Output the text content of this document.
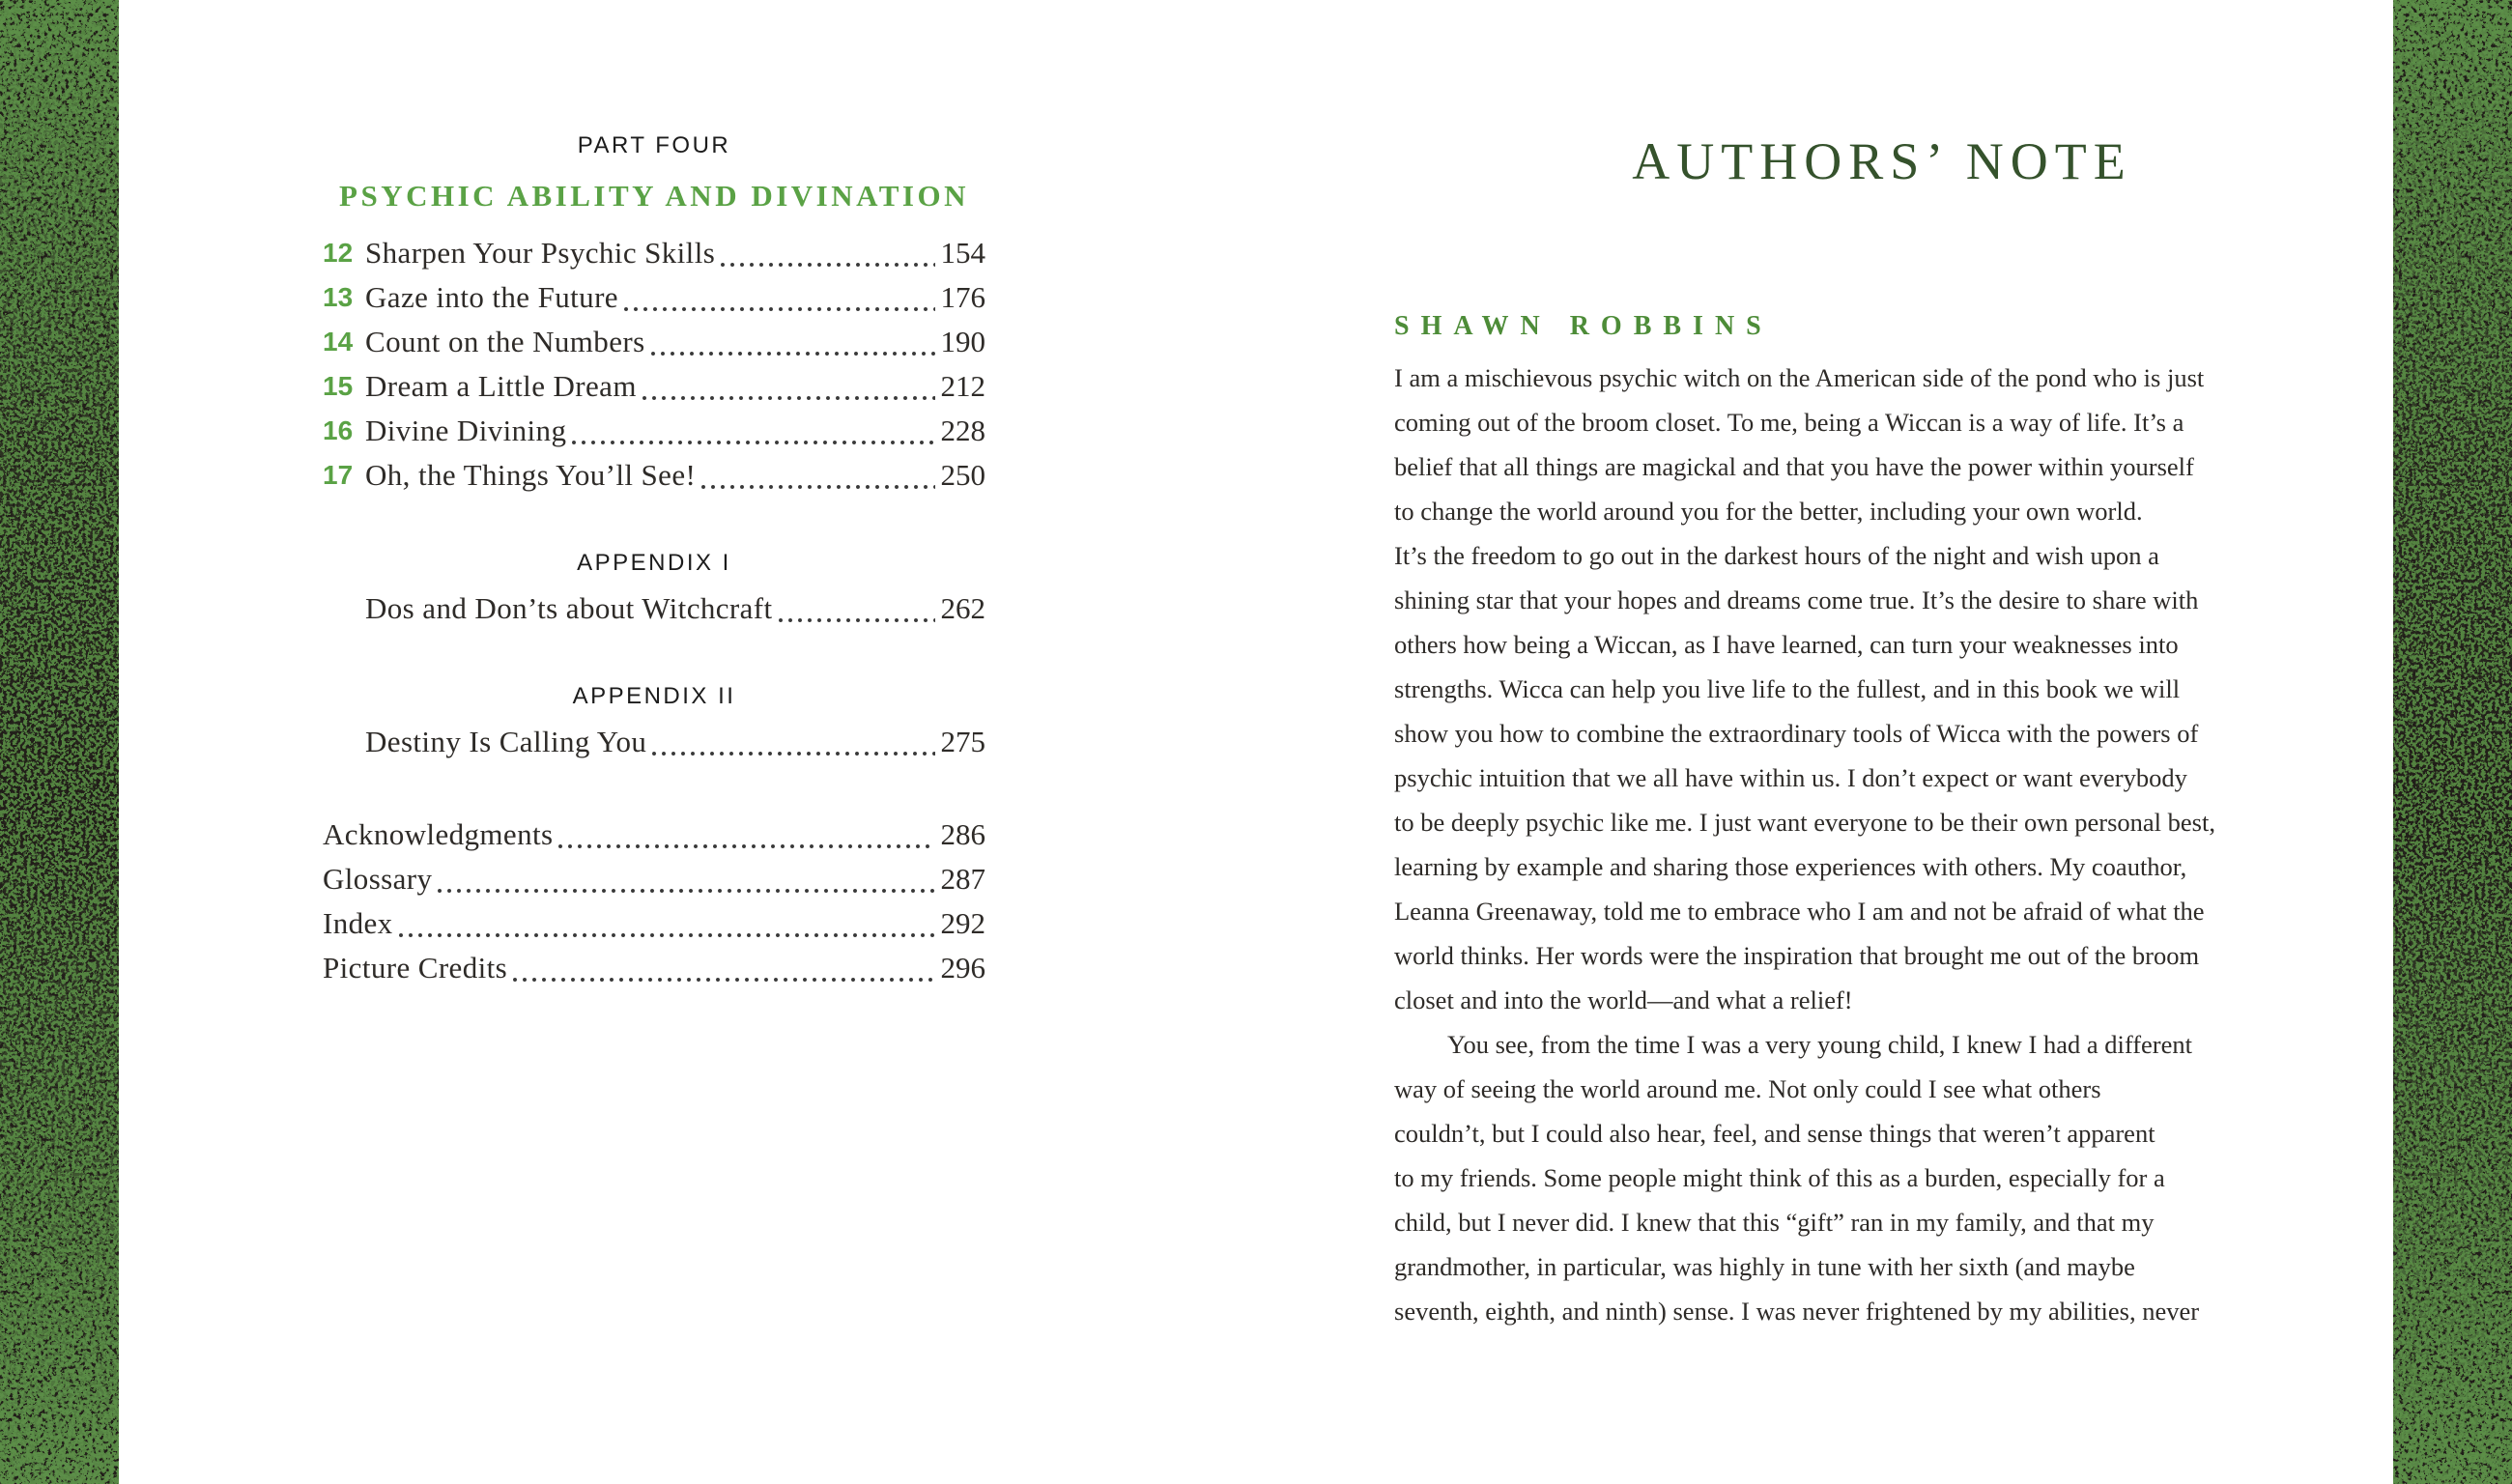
PART FOUR
PSYCHIC ABILITY AND DIVINATION
12 Sharpen Your Psychic Skills	154
13 Gaze into the Future	176
14 Count on the Numbers	190
15 Dream a Little Dream	212
16 Divine Divining	228
17 Oh, the Things You’ll See!	250
APPENDIX I
Dos and Don’ts about Witchcraft	262
APPENDIX II
Destiny Is Calling You	275
Acknowledgments	286
Glossary	287
Index	292
Picture Credits	296
AUTHORS’ NOTE
SHAWN ROBBINS
I am a mischievous psychic witch on the American side of the pond who is just
coming out of the broom closet. To me, being a Wiccan is a way of life. It’s a
belief that all things are magickal and that you have the power within yourself
to change the world around you for the better, including your own world.
It’s the freedom to go out in the darkest hours of the night and wish upon a
shining star that your hopes and dreams come true. It’s the desire to share with
others how being a Wiccan, as I have learned, can turn your weaknesses into
strengths. Wicca can help you live life to the fullest, and in this book we will
show you how to combine the extraordinary tools of Wicca with the powers of
psychic intuition that we all have within us. I don’t expect or want everybody
to be deeply psychic like me. I just want everyone to be their own personal best,
learning by example and sharing those experiences with others. My coauthor,
Leanna Greenaway, told me to embrace who I am and not be afraid of what the
world thinks. Her words were the inspiration that brought me out of the broom
closet and into the world—and what a relief!
You see, from the time I was a very young child, I knew I had a different
way of seeing the world around me. Not only could I see what others
couldn’t, but I could also hear, feel, and sense things that weren’t apparent
to my friends. Some people might think of this as a burden, especially for a
child, but I never did. I knew that this “gift” ran in my family, and that my
grandmother, in particular, was highly in tune with her sixth (and maybe
seventh, eighth, and ninth) sense. I was never frightened by my abilities, never
